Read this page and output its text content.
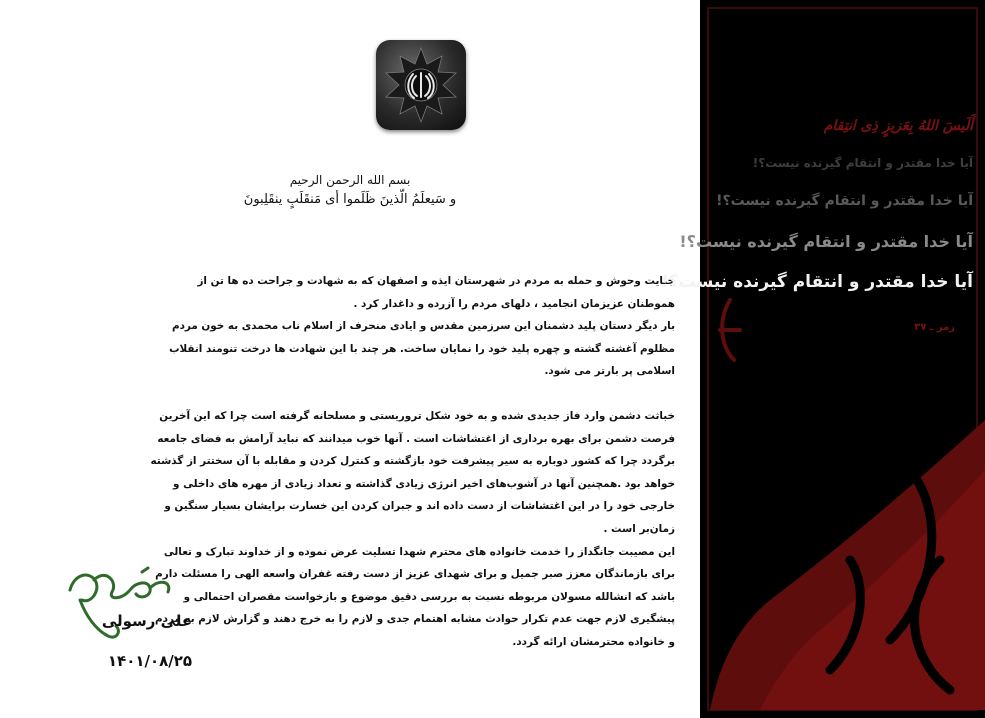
بسم الله الرحمن الرحیم
و سَیعلَمُ الّذینَ ظَلَموا أی مَنقَلَبٍ ینقَلِبونَ

جنایت وحوش و حمله به مردم در شهرستان ایذه و اصفهان که به شهادت و جراحت ده ها تن از هموطنان عزیزمان انجامید ، دلهای مردم را آزرده و داغدار کرد .

بار دیگر دستان پلید دشمنان این سرزمین مقدس و ایادی منحرف از اسلام ناب محمدی به خون مردم مظلوم آغشته گشته و چهره پلید خود را نمایان ساخت. هر چند با این شهادت ها درخت تنومند انقلاب اسلامی پر بارتر می شود.

خباثت دشمن وارد فاز جدیدی شده و به خود شکل تروریستی و مسلحانه گرفته است چرا که این آخرین فرصت دشمن برای بهره برداری از اغتشاشات است . آنها خوب میدانند که نباید آرامش به فضای جامعه برگردد چرا که کشور دوباره به سیر پیشرفت خود بازگشته و کنترل کردن و مقابله با آن سختتر از گذشته خواهد بود .همچنین آنها در آشوب‌های اخیر انرژی زیادی گذاشته و تعداد زیادی از مهره های داخلی و خارجی خود را در این اغتشاشات از دست داده اند و جبران کردن این خسارت برایشان بسیار سنگین و زمان‌بر است .

این مصیبت جانگداز را خدمت خانواده های محترم شهدا تسلیت عرض نموده و از خداوند تبارک و تعالی برای بازماندگان معزز صبر جمیل و برای شهدای عزیز از دست رفته غفران واسعه الهی را مسئلت دارم باشد که انشالله مسولان مربوطه نسبت به بررسی دقیق موضوع و بازخواست مقصران احتمالی و پیشگیری لازم جهت عدم تکرار حوادث مشابه اهتمام جدی و لازم را به خرج دهند و گزارش لازم به مردم و خانواده محترمشان ارائه گردد.

علی رسولی
۱۴۰۱/۰۸/۲۵
أَلَیسَ اللهُ بِعَزیزٍ ذِی انتِقام
آیا خدا مقتدر و انتقام گیرنده نیست؟!
آیا خدا مقتدر و انتقام گیرنده نیست؟!
آیا خدا مقتدر و انتقام گیرنده نیست؟!
آیا خدا مقتدر و انتقام گیرنده نیست؟!
زمر ـ ۳۷
